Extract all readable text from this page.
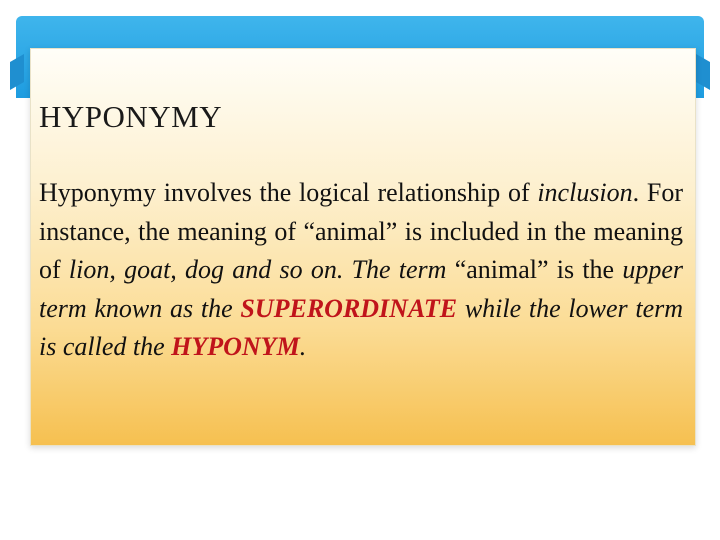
HYPONYMY

Hyponymy involves the logical relationship of inclusion. For instance, the meaning of “animal” is included in the meaning of lion, goat, dog and so on. The term “animal” is the upper term known as the SUPERORDINATE while the lower term is called the HYPONYM.
